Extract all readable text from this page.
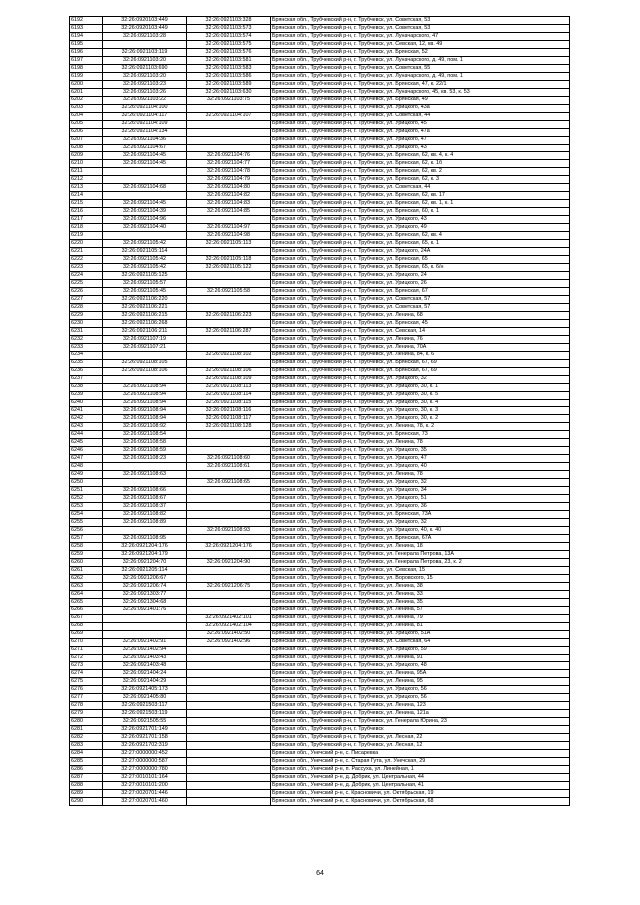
6192	32:26:0920103:449	32:26:0921103:328	Брянская обл., Трубчевский р-н, г. Трубчевск, ул. Советская, 53
6193	32:26:0920103:449	32:26:0921103:573	Брянская обл., Трубчевский р-н, г. Трубчевск, ул. Советская, 53
6194	32:26:0921103:28	32:26:0921103:574	Брянская обл., Трубчевский р-н, г. Трубчевск, ул. Луначарского, 47
6195		32:26:0921103:575	Брянская обл., Трубчевский р-н, г. Трубчевск, ул. Севская, 12, кв. 49
6196	32:26:0921103:119	32:26:0921103:576	Брянская обл., Трубчевский р-н, г. Трубчевск, ул. Брянская, 52
6197	32:26:0921103:20	32:26:0921103:581	Брянская обл., Трубчевский р-н, г. Трубчевск, ул. Луначарского, д. 49, пом. 1
6198	32:26:0921103:690	32:26:0921103:583	Брянская обл., Трубчевский р-н, г. Трубчевск, ул. Советская, 55
6199	32:26:0921103:20	32:26:0921103:586	Брянская обл., Трубчевский р-н, г. Трубчевск, ул. Луначарского, д. 49, пом. 1
6200	32:26:0921103:23	32:26:0921103:589	Брянская обл., Трубчевский р-н, г. Трубчевск, ул. Брянская, 47, к. 22/1
6201	32:26:0921103:26	32:26:0921103:630	Брянская обл., Трубчевский р-н, г. Трубчевск, ул. Луначарского, 45, кв. 53, к. 53
6202	32:26:0921103:22	32:26:0921103:75	Брянская обл., Трубчевский р-н, г. Трубчевск, ул. Брянская, 49
6203	32:26:0921104:100		Брянская обл., Трубчевский р-н, г. Трубчевск, ул. Урицкого, 43а
6204	32:26:0921104:117	32:26:0921104:107	Брянская обл., Трубчевский р-н, г. Трубчевск, ул. Советская, 44
6205	32:26:0921104:109		Брянская обл., Трубчевский р-н, г. Трубчевск, ул. Урицкого, 45
6206	32:26:0921104:134		Брянская обл., Трубчевский р-н, г. Трубчевск, ул. Урицкого, 47а
6207	32:26:0921104:36		Брянская обл., Трубчевский р-н, г. Трубчевск, ул. Урицкого, 47
6208	32:26:0921104:67		Брянская обл., Трубчевский р-н, г. Трубчевск, ул. Урицкого, 43
6209	32:26:0921104:45	32:26:0921104:76	Брянская обл., Трубчевский р-н, г. Трубчевск, ул. Брянская, 62, кв. 4, к. 4
6210	32:26:0921104:45	32:26:0921104:77	Брянская обл., Трубчевский р-н, г. Трубчевск, ул. Брянская, 62, к. 1б
6211		32:26:0921104:78	Брянская обл., Трубчевский р-н, г. Трубчевск, ул. Брянская, 62, кв. 2
6212		32:26:0921104:79	Брянская обл., Трубчевский р-н, г. Трубчевск, ул. Брянская, 62, к. 3
6213	32:26:0921104:68	32:26:0921104:80	Брянская обл., Трубчевский р-н, г. Трубчевск, ул. Советская, 44
6214		32:26:0921104:82	Брянская обл., Трубчевский р-н, г. Трубчевск, ул. Брянская, 62, кв. 17
6215	32:26:0921104:45	32:26:0921104:83	Брянская обл., Трубчевский р-н, г. Трубчевск, ул. Брянская, 62, кв. 1, к. 1
6216	32:26:0921104:39	32:26:0921104:85	Брянская обл., Трубчевский р-н, г. Трубчевск, ул. Брянская, 60, к. 1
6217	32:26:0921104:96		Брянская обл., Трубчевский р-н, г. Трубчевск, ул. Урицкого, 43
6218	32:26:0921104:40	32:26:0921104:97	Брянская обл., Трубчевский р-н, г. Трубчевск, ул. Урицкого, 49
6219		32:26:0921104:98	Брянская обл., Трубчевский р-н, г. Трубчевск, ул. Брянская, 62, кв. 4
6220	32:26:0921105:42	32:26:0921105:113	Брянская обл., Трубчевский р-н, г. Трубчевск, ул. Брянская, 65, к. 1
6221	32:26:0921105:114		Брянская обл., Трубчевский р-н, г. Трубчевск, ул. Урицкого, 24А
6222	32:26:0921105:42	32:26:0921105:118	Брянская обл., Трубчевский р-н, г. Трубчевск, ул. Брянская, 65
6223	32:26:0921105:42	32:26:0921105:122	Брянская обл., Трубчевский р-н, г. Трубчевск, ул. Брянская, 65, к. 6/н
6224	32:26:0921105:125		Брянская обл., Трубчевский р-н, г. Трубчевск, ул. Урицкого, 24
6225	32:26:0921105:57		Брянская обл., Трубчевский р-н, г. Трубчевск, ул. Урицкого, 26
6226	32:26:0921105:45	32:26:0921105:58	Брянская обл., Трубчевский р-н, г. Трубчевск, ул. Брянская, 67
6227	32:26:0921106:220		Брянская обл., Трубчевский р-н, г. Трубчевск, ул. Советская, 57
6228	32:26:0921106:221		Брянская обл., Трубчевский р-н, г. Трубчевск, ул. Советская, 57
6229	32:26:0921106:215	32:26:0921106:223	Брянская обл., Трубчевский р-н, г. Трубчевск, ул. Ленина, 68
6230	32:26:0921106:268		Брянская обл., Трубчевский р-н, г. Трубчевск, ул. Брянская, 45
6231	32:26:0921106:211	32:26:0921106:287	Брянская обл., Трубчевский р-н, г. Трубчевск, ул. Севская, 14
6232	32:26:0921107:19		Брянская обл., Трубчевский р-н, г. Трубчевск, ул. Ленина, 76
6233	32:26:0921107:21		Брянская обл., Трубчевский р-н, г. Трубчевск, ул. Ленина, 70А
6234		32:26:0921108:102	Брянская обл., Трубчевский р-н, г. Трубчевск, ул. Ленина, 84, к. 6
6235	32:26:0921108:105		Брянская обл., Трубчевский р-н, г. Трубчевск, ул. Брянская, 67, 69
6236	32:26:0921108:106	32:26:0921108:106	Брянская обл., Трубчевский р-н, г. Трубчевск, ул. Брянская, 67, 69
6237		32:26:0921108:109	Брянская обл., Трубчевский р-н, г. Трубчевск, ул. Урицкого, 32
6238	32:26:0921108:94	32:26:0921108:113	Брянская обл., Трубчевский р-н, г. Трубчевск, ул. Урицкого, 30, к. 1
6239	32:26:0921108:94	32:26:0921108:114	Брянская обл., Трубчевский р-н, г. Трубчевск, ул. Урицкого, 30, к. 5
6240	32:26:0921108:94	32:26:0921108:115	Брянская обл., Трубчевский р-н, г. Трубчевск, ул. Урицкого, 30, к. 4
6241	32:26:0921108:94	32:26:0921108:116	Брянская обл., Трубчевский р-н, г. Трубчевск, ул. Урицкого, 30, к. 3
6242	32:26:0921108:94	32:26:0921108:117	Брянская обл., Трубчевский р-н, г. Трубчевск, ул. Урицкого, 30, к. 2
6243	32:26:0921108:92	32:26:0921108:128	Брянская обл., Трубчевский р-н, г. Трубчевск, ул. Ленина, 78, к. 2
6244	32:26:0921108:54		Брянская обл., Трубчевский р-н, г. Трубчевск, ул. Брянская, 73
6245	32:26:0921108:58		Брянская обл., Трубчевский р-н, г. Трубчевск, ул. Ленина, 78
6246	32:26:0921108:59		Брянская обл., Трубчевский р-н, г. Трубчевск, ул. Урицкого, 35
6247	32:26:0921108:23	32:26:0921108:60	Брянская обл., Трубчевский р-н, г. Трубчевск, ул. Урицкого, 47
6248		32:26:0921108:61	Брянская обл., Трубчевский р-н, г. Трубчевск, ул. Урицкого, 40
6249	32:26:0921108:63		Брянская обл., Трубчевский р-н, г. Трубчевск, ул. Ленина, 78
6250		32:26:0921108:65	Брянская обл., Трубчевский р-н, г. Трубчевск, ул. Урицкого, 32
6251	32:26:0921108:66		Брянская обл., Трубчевский р-н, г. Трубчевск, ул. Урицкого, 34
6252	32:26:0921108:67		Брянская обл., Трубчевский р-н, г. Трубчевск, ул. Урицкого, 51
6253	32:26:0921108:37		Брянская обл., Трубчевский р-н, г. Трубчевск, ул. Урицкого, 36
6254	32:26:0921108:82		Брянская обл., Трубчевский р-н, г. Трубчевск, ул. Брянская, 73А
6255	32:26:0921108:89		Брянская обл., Трубчевский р-н, г. Трубчевск, ул. Урицкого, 32
6256		32:26:0921108:93	Брянская обл., Трубчевский р-н, г. Трубчевск, ул. Урицкого, 40, к. 40
6257	32:26:0921108:95		Брянская обл., Трубчевский р-н, г. Трубчевск, ул. Брянская, 67А
6258	32:26:0921204:176	32:26:0921204:176	Брянская обл., Трубчевский р-н, г. Трубчевск, ул. Ленина, 18
6259	32:26:0921204:179		Брянская обл., Трубчевский р-н, г. Трубчевск, ул. Генерала Петрова, 13А
6260	32:26:0921204:70	32:26:0921204:90	Брянская обл., Трубчевский р-н, г. Трубчевск, ул. Генерала Петрова, 23, к. 2
6261	32:26:0921205:114		Брянская обл., Трубчевский р-н, г. Трубчевск, ул. Севская, 15
6262	32:26:0921206:67		Брянская обл., Трубчевский р-н, г. Трубчевск, ул. Воровского, 15
6263	32:26:0921206:74	32:26:0921206:75	Брянская обл., Трубчевский р-н, г. Трубчевск, ул. Ленина, 38
6264	32:26:0921303:77		Брянская обл., Трубчевский р-н, г. Трубчевск, ул. Ленина, 33
6265	32:26:0921304:68		Брянская обл., Трубчевский р-н, г. Трубчевск, ул. Ленина, 35
6266	32:26:0921401:76		Брянская обл., Трубчевский р-н, г. Трубчевск, ул. Ленина, 57
6267		32:26:0921402:101	Брянская обл., Трубчевский р-н, г. Трубчевск, ул. Ленина, 79
6268		32:26:0921402:104	Брянская обл., Трубчевский р-н, г. Трубчевск, ул. Ленина, 81
6269		32:26:0921402:50	Брянская обл., Трубчевский р-н, г. Трубчевск, ул. Урицкого, 51А
6270	32:26:0921402:91	32:26:0921402:96	Брянская обл., Трубчевский р-н, г. Трубчевск, ул. Советская, 64
6271	32:26:0921402:94		Брянская обл., Трубчевский р-н, г. Трубчевск, ул. Урицкого, 59
6272	32:26:0921403:43		Брянская обл., Трубчевский р-н, г. Трубчевск, ул. Ленина, 91
6273	32:26:0921403:48		Брянская обл., Трубчевский р-н, г. Трубчевск, ул. Урицкого, 48
6274	32:26:0921404:24		Брянская обл., Трубчевский р-н, г. Трубчевск, ул. Ленина, 95А
6275	32:26:0921404:29		Брянская обл., Трубчевский р-н, г. Трубчевск, ул. Ленина, 95
6276	32:26:0921405:173		Брянская обл., Трубчевский р-н, г. Трубчевск, ул. Урицкого, 56
6277	32:26:0921405:80		Брянская обл., Трубчевский р-н, г. Трубчевск, ул. Урицкого, 56
6278	32:26:0921503:117		Брянская обл., Трубчевский р-н, г. Трубчевск, ул. Ленина, 123
6279	32:26:0921503:119		Брянская обл., Трубчевский р-н, г. Трубчевск, ул. Ленина, 121а
6280	32:26:0921505:55		Брянская обл., Трубчевский р-н, г. Трубчевск, ул. Генерала Юрина, 23
6281	32:26:0921701:149		Брянская обл., Трубчевский р-н, г. Трубчевск
6282	32:26:0921701:158		Брянская обл., Трубчевский р-н, г. Трубчевск, ул. Лесная, 22
6283	32:26:0921702:319		Брянская обл., Трубчевский р-н, г. Трубчевск, ул. Лесная, 12
6284	32:27:0000000:452		Брянская обл., Унечский р-н, с. Писаревка
6285	32:27:0000000:587		Брянская обл., Унечский р-н, с. Старая Гута, ул. Унечская, 29
6286	32:27:0000000:780		Брянская обл., Унечский р-н, п. Рассуха, ул. Линейная, 1
6287	32:27:0010101:164		Брянская обл., Унечский р-н, д. Добрик, ул. Центральная, 44
6288	32:27:0010101:200		Брянская обл., Унечский р-н, д. Добрик, ул. Центральная, 41
6289	32:27:0020701:446		Брянская обл., Унечский р-н, с. Красновичи, ул. Октябрьская, 19
6290	32:27:0020701:460		Брянская обл., Унечский р-н, с. Красновичи, ул. Октябрьская, 68
64
